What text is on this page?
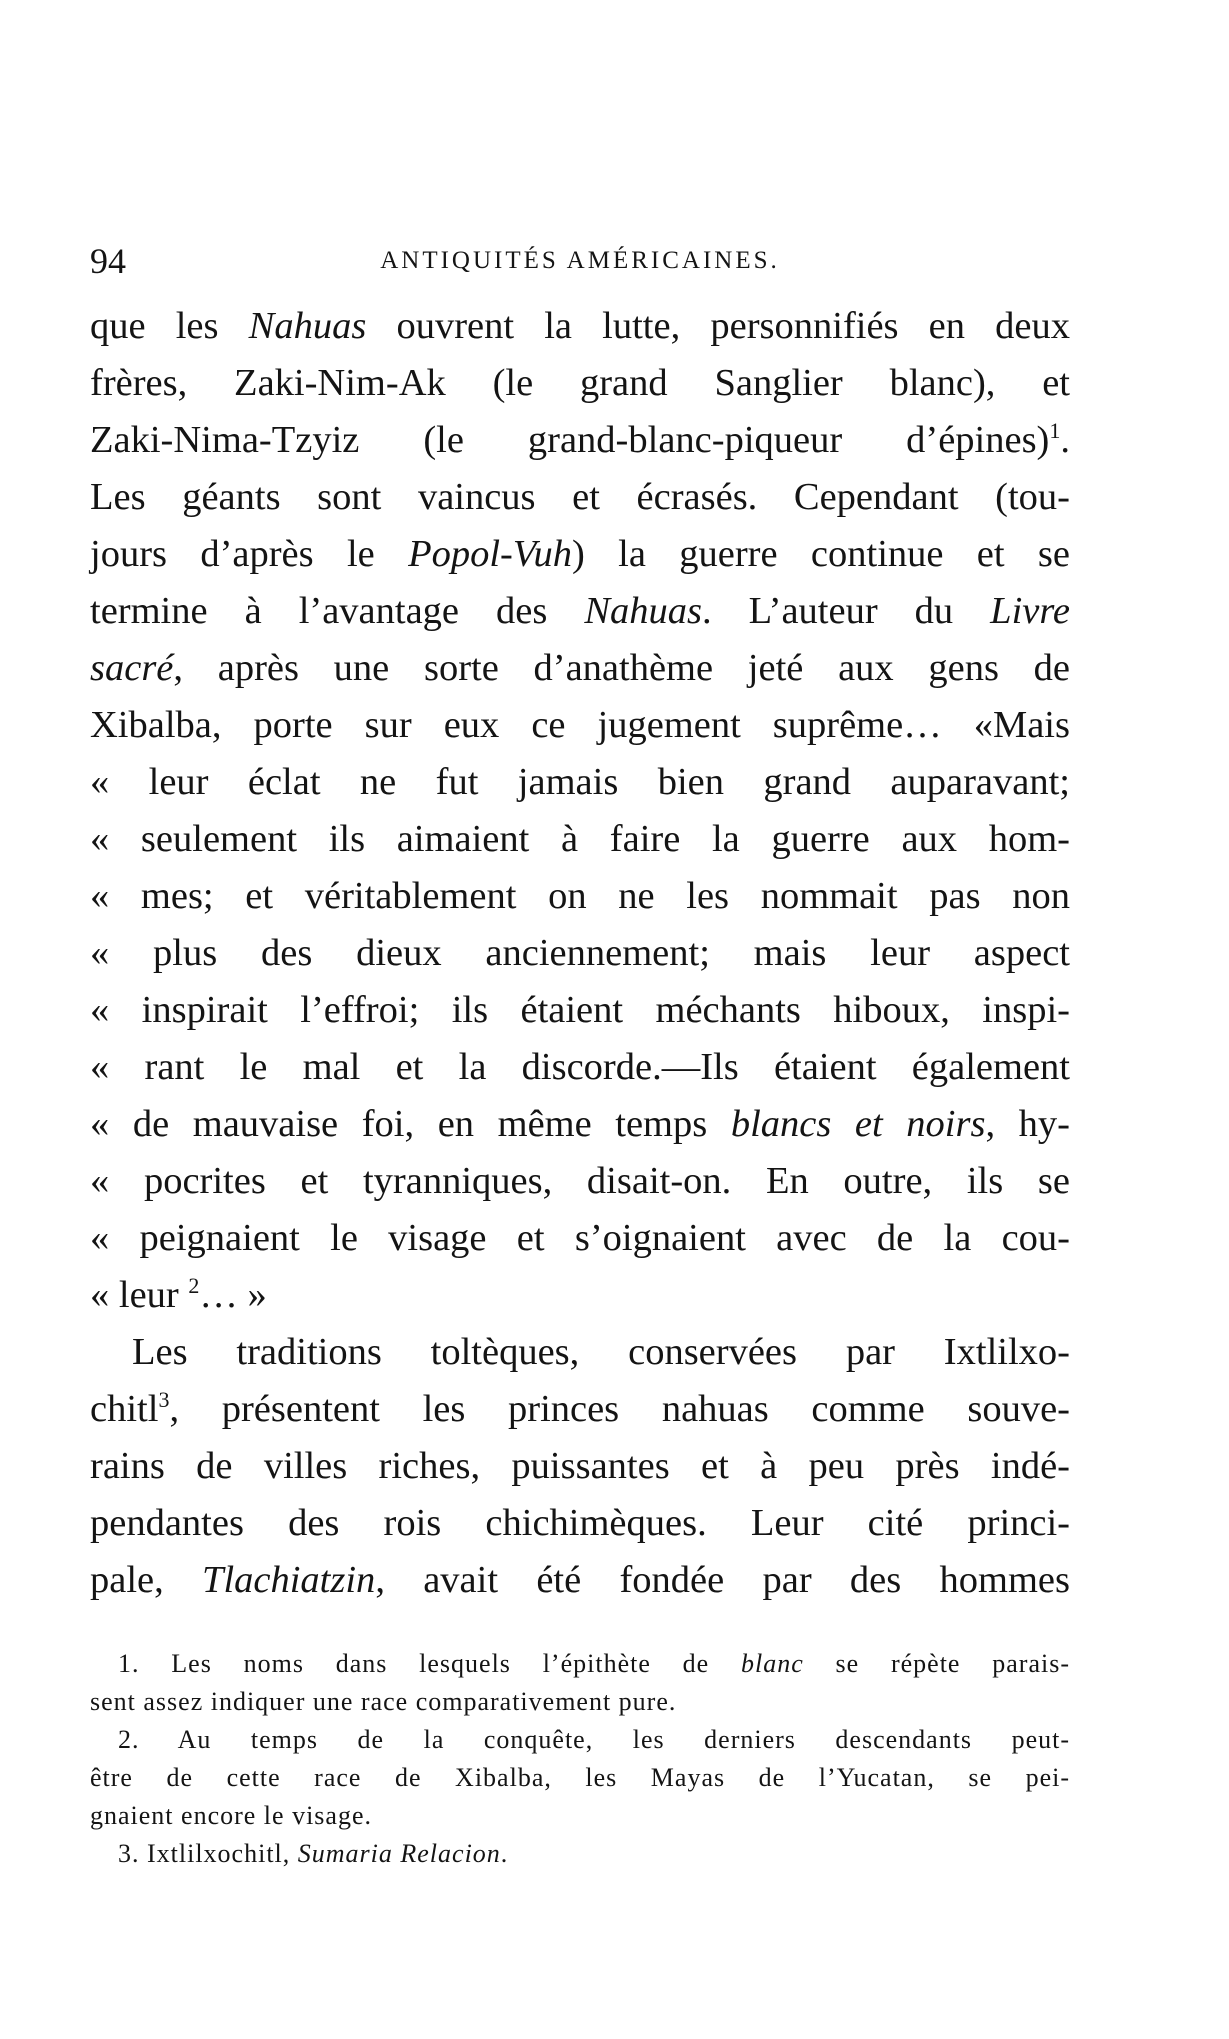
94	ANTIQUITÉS AMÉRICAINES.

que les Nahuas ouvrent la lutte, personnifiés en deux
frères, Zaki-Nim-Ak (le grand Sanglier blanc), et
Zaki-Nima-Tzyiz (le grand-blanc-piqueur d’épines)$^1$.
Les géants sont vaincus et écrasés. Cependant (tou-
jours d’après le Popol-Vuh) la guerre continue et se
termine à l’avantage des Nahuas. L’auteur du Livre
sacré, après une sorte d’anathème jeté aux gens de
Xibalba, porte sur eux ce jugement suprême… «Mais
« leur éclat ne fut jamais bien grand auparavant;
« seulement ils aimaient à faire la guerre aux hom-
« mes; et véritablement on ne les nommait pas non
« plus des dieux anciennement; mais leur aspect
« inspirait l’effroi; ils étaient méchants hiboux, inspi-
« rant le mal et la discorde.—Ils étaient également
« de mauvaise foi, en même temps blancs et noirs, hy-
« pocrites et tyranniques, disait-on. En outre, ils se
« peignaient le visage et s’oignaient avec de la cou-
« leur $^2$… »

Les traditions toltèques, conservées par Ixtlilxo-
chitl$^3$, présentent les princes nahuas comme souve-
rains de villes riches, puissantes et à peu près indé-
pendantes des rois chichimèques. Leur cité princi-
pale, Tlachiatzin, avait été fondée par des hommes

1. Les noms dans lesquels l’épithète de blanc se répète parais-
sent assez indiquer une race comparativement pure.
2. Au temps de la conquête, les derniers descendants peut-
être de cette race de Xibalba, les Mayas de l’Yucatan, se pei-
gnaient encore le visage.
3. Ixtlilxochitl, Sumaria Relacion.
